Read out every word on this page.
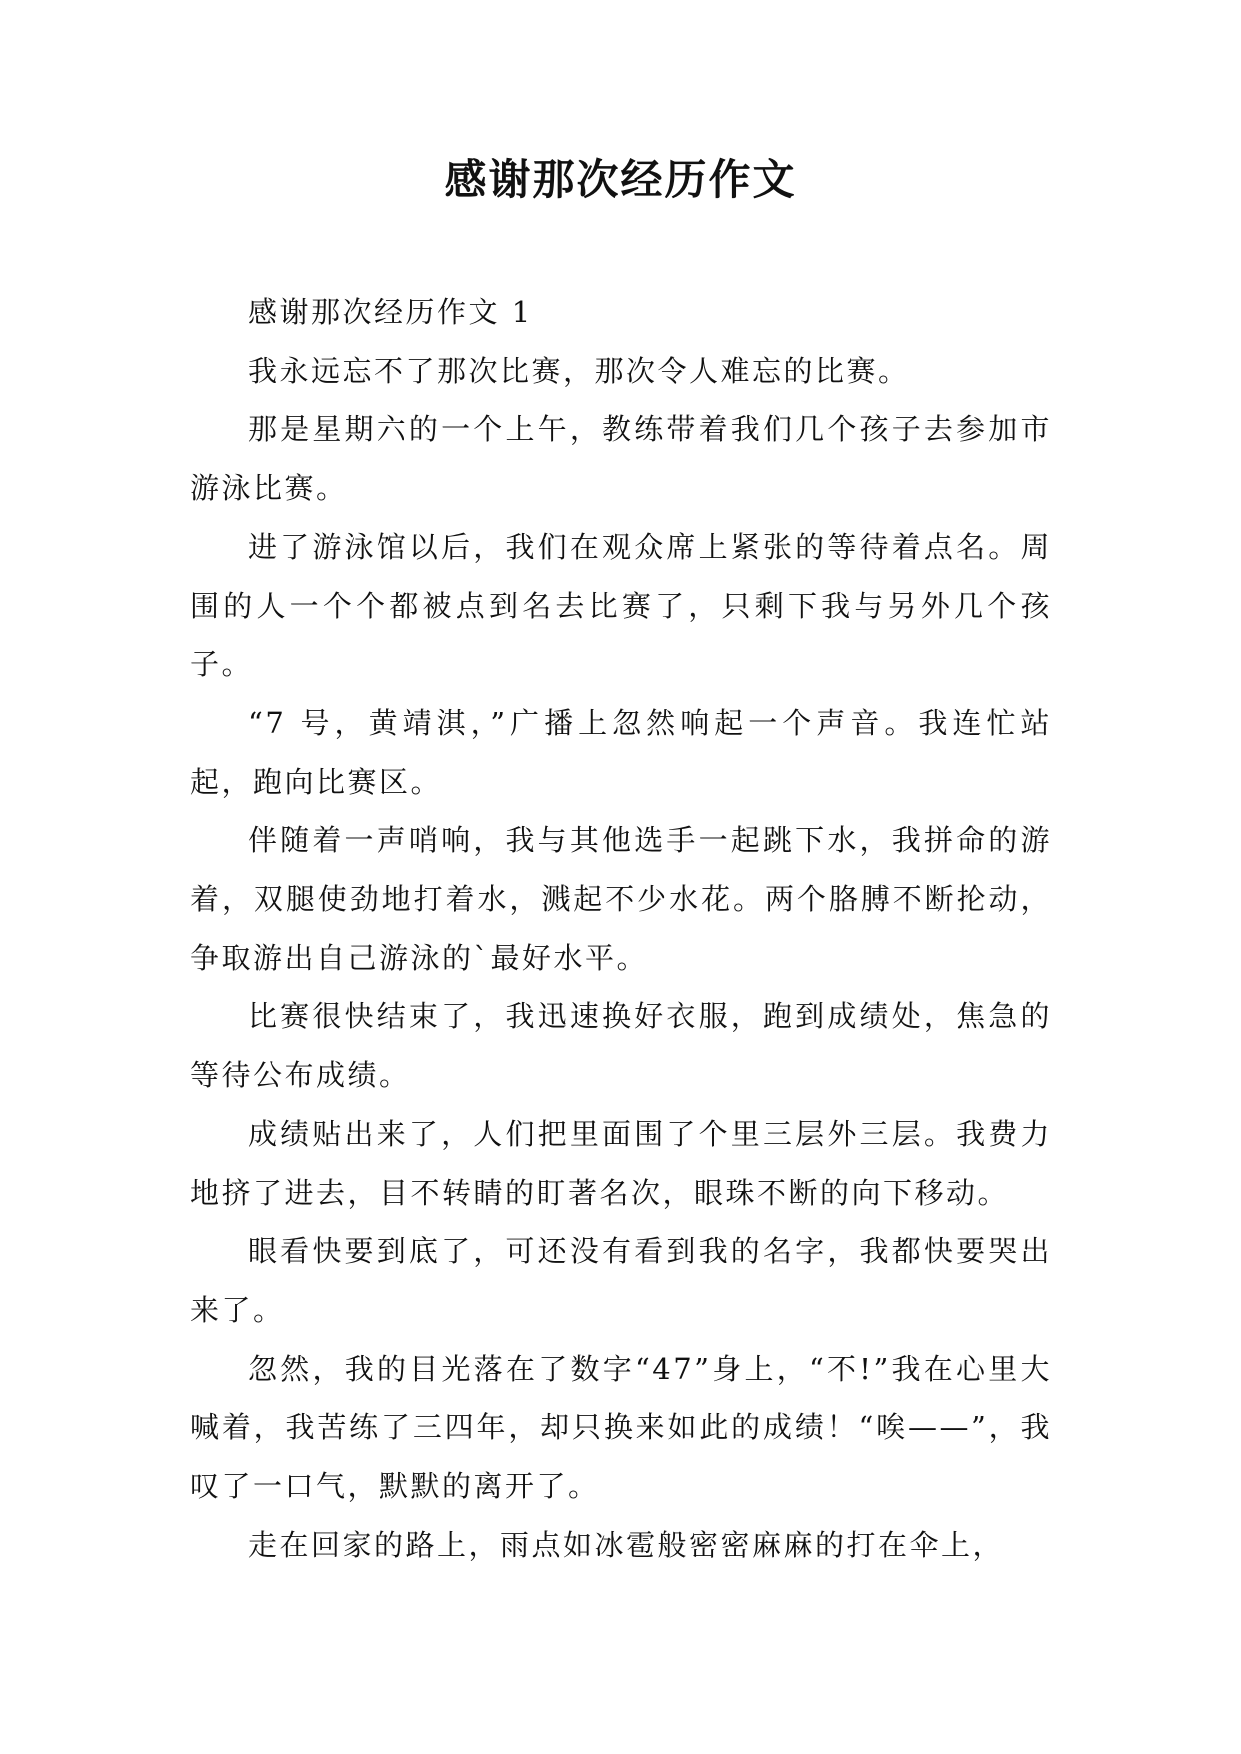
感谢那次经历作文

感谢那次经历作文 1

我永远忘不了那次比赛，那次令人难忘的比赛。

那是星期六的一个上午，教练带着我们几个孩子去参加市游泳比赛。

进了游泳馆以后，我们在观众席上紧张的等待着点名。周围的人一个个都被点到名去比赛了，只剩下我与另外几个孩子。

“7 号，黄靖淇，”广播上忽然响起一个声音。我连忙站起，跑向比赛区。

伴随着一声哨响，我与其他选手一起跳下水，我拼命的游着，双腿使劲地打着水，溅起不少水花。两个胳膊不断抡动，争取游出自己游泳的`最好水平。

比赛很快结束了，我迅速换好衣服，跑到成绩处，焦急的等待公布成绩。

成绩贴出来了，人们把里面围了个里三层外三层。我费力地挤了进去，目不转睛的盯著名次，眼珠不断的向下移动。

眼看快要到底了，可还没有看到我的名字，我都快要哭出来了。

忽然，我的目光落在了数字“47”身上，“不!”我在心里大喊着，我苦练了三四年，却只换来如此的成绩！“唉——”，我叹了一口气，默默的离开了。

走在回家的路上，雨点如冰雹般密密麻麻的打在伞上，
